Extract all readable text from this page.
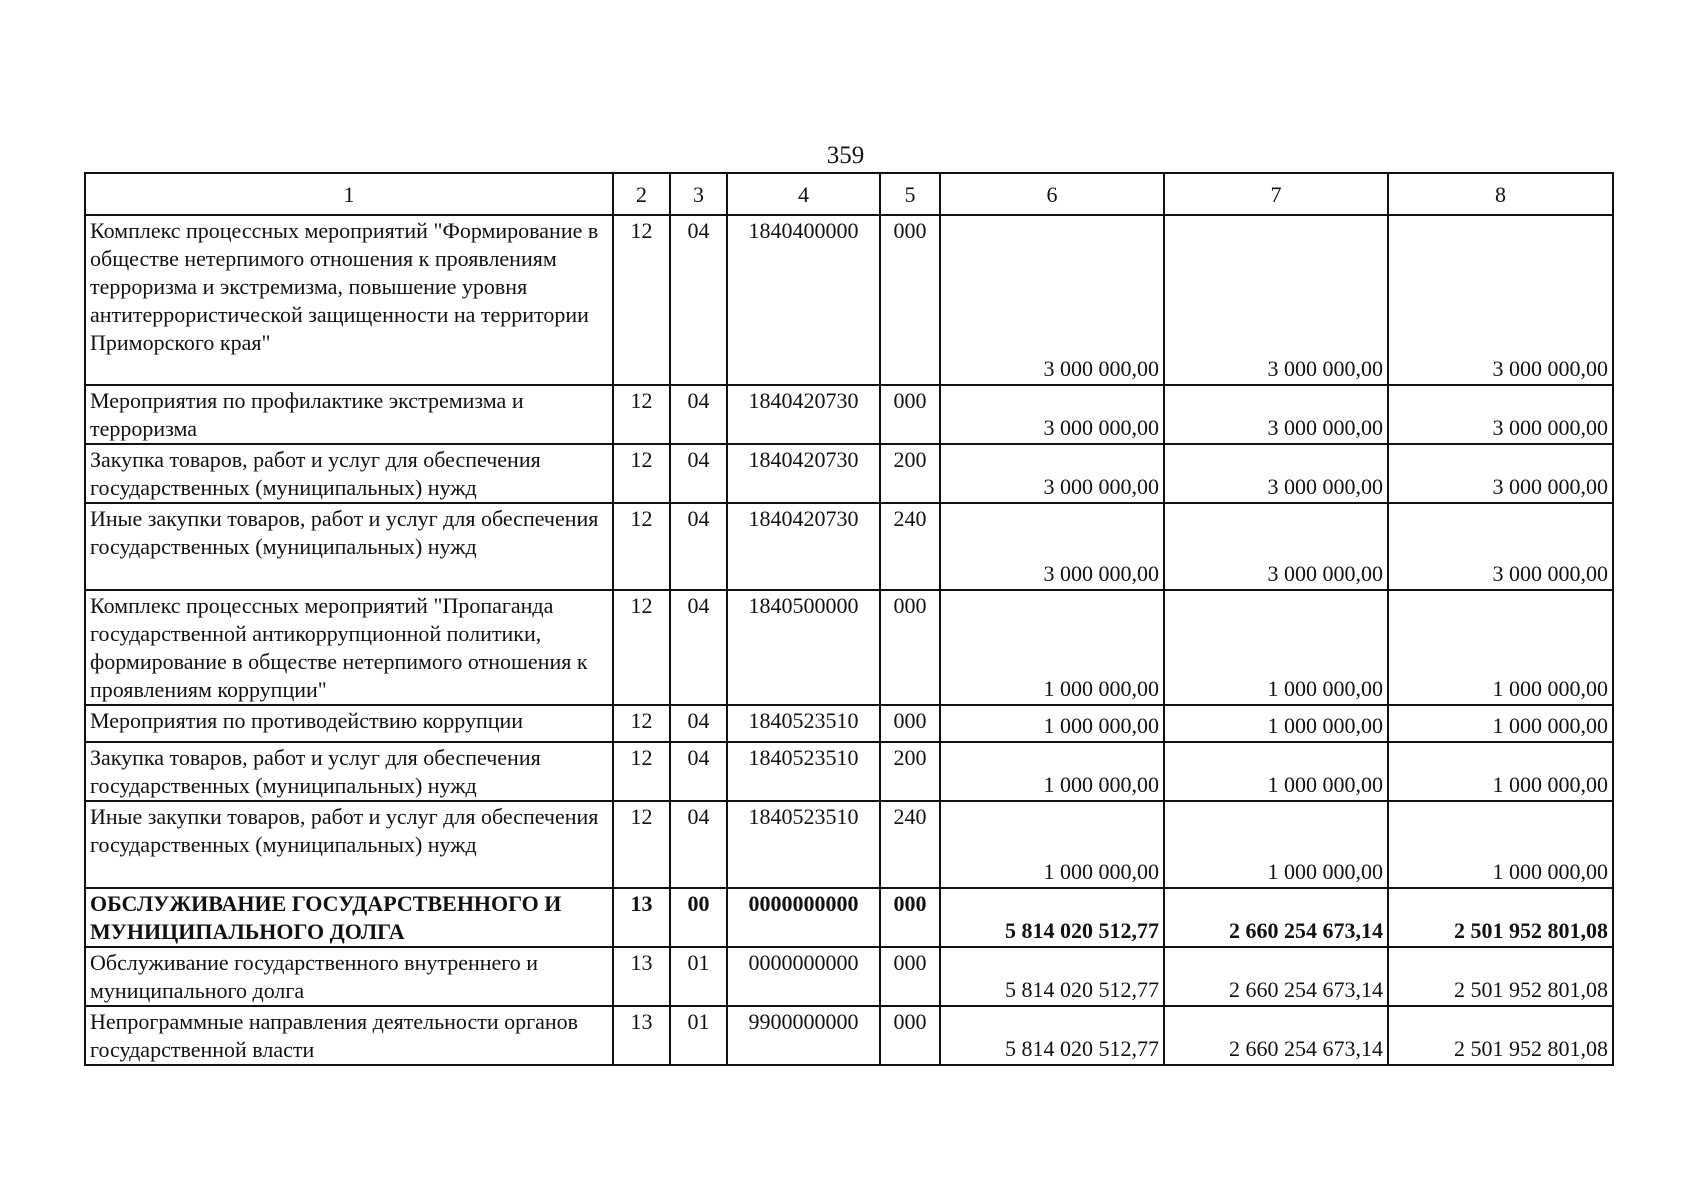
359
1	2	3	4	5	6	7	8
Комплекс процессных мероприятий "Формирование в обществе нетерпимого отношения к проявлениям терроризма и экстремизма, повышение уровня антитеррористической защищенности на территории Приморского края"	12	04	1840400000	000	3 000 000,00	3 000 000,00	3 000 000,00
Мероприятия по профилактике экстремизма и терроризма	12	04	1840420730	000	3 000 000,00	3 000 000,00	3 000 000,00
Закупка товаров, работ и услуг для обеспечения государственных (муниципальных) нужд	12	04	1840420730	200	3 000 000,00	3 000 000,00	3 000 000,00
Иные закупки товаров, работ и услуг для обеспечения государственных (муниципальных) нужд	12	04	1840420730	240	3 000 000,00	3 000 000,00	3 000 000,00
Комплекс процессных мероприятий "Пропаганда государственной антикоррупционной политики, формирование в обществе нетерпимого отношения к проявлениям коррупции"	12	04	1840500000	000	1 000 000,00	1 000 000,00	1 000 000,00
Мероприятия по противодействию коррупции	12	04	1840523510	000	1 000 000,00	1 000 000,00	1 000 000,00
Закупка товаров, работ и услуг для обеспечения государственных (муниципальных) нужд	12	04	1840523510	200	1 000 000,00	1 000 000,00	1 000 000,00
Иные закупки товаров, работ и услуг для обеспечения государственных (муниципальных) нужд	12	04	1840523510	240	1 000 000,00	1 000 000,00	1 000 000,00
ОБСЛУЖИВАНИЕ ГОСУДАРСТВЕННОГО И МУНИЦИПАЛЬНОГО ДОЛГА	13	00	0000000000	000	5 814 020 512,77	2 660 254 673,14	2 501 952 801,08
Обслуживание государственного внутреннего и муниципального долга	13	01	0000000000	000	5 814 020 512,77	2 660 254 673,14	2 501 952 801,08
Непрограммные направления деятельности органов государственной власти	13	01	9900000000	000	5 814 020 512,77	2 660 254 673,14	2 501 952 801,08
